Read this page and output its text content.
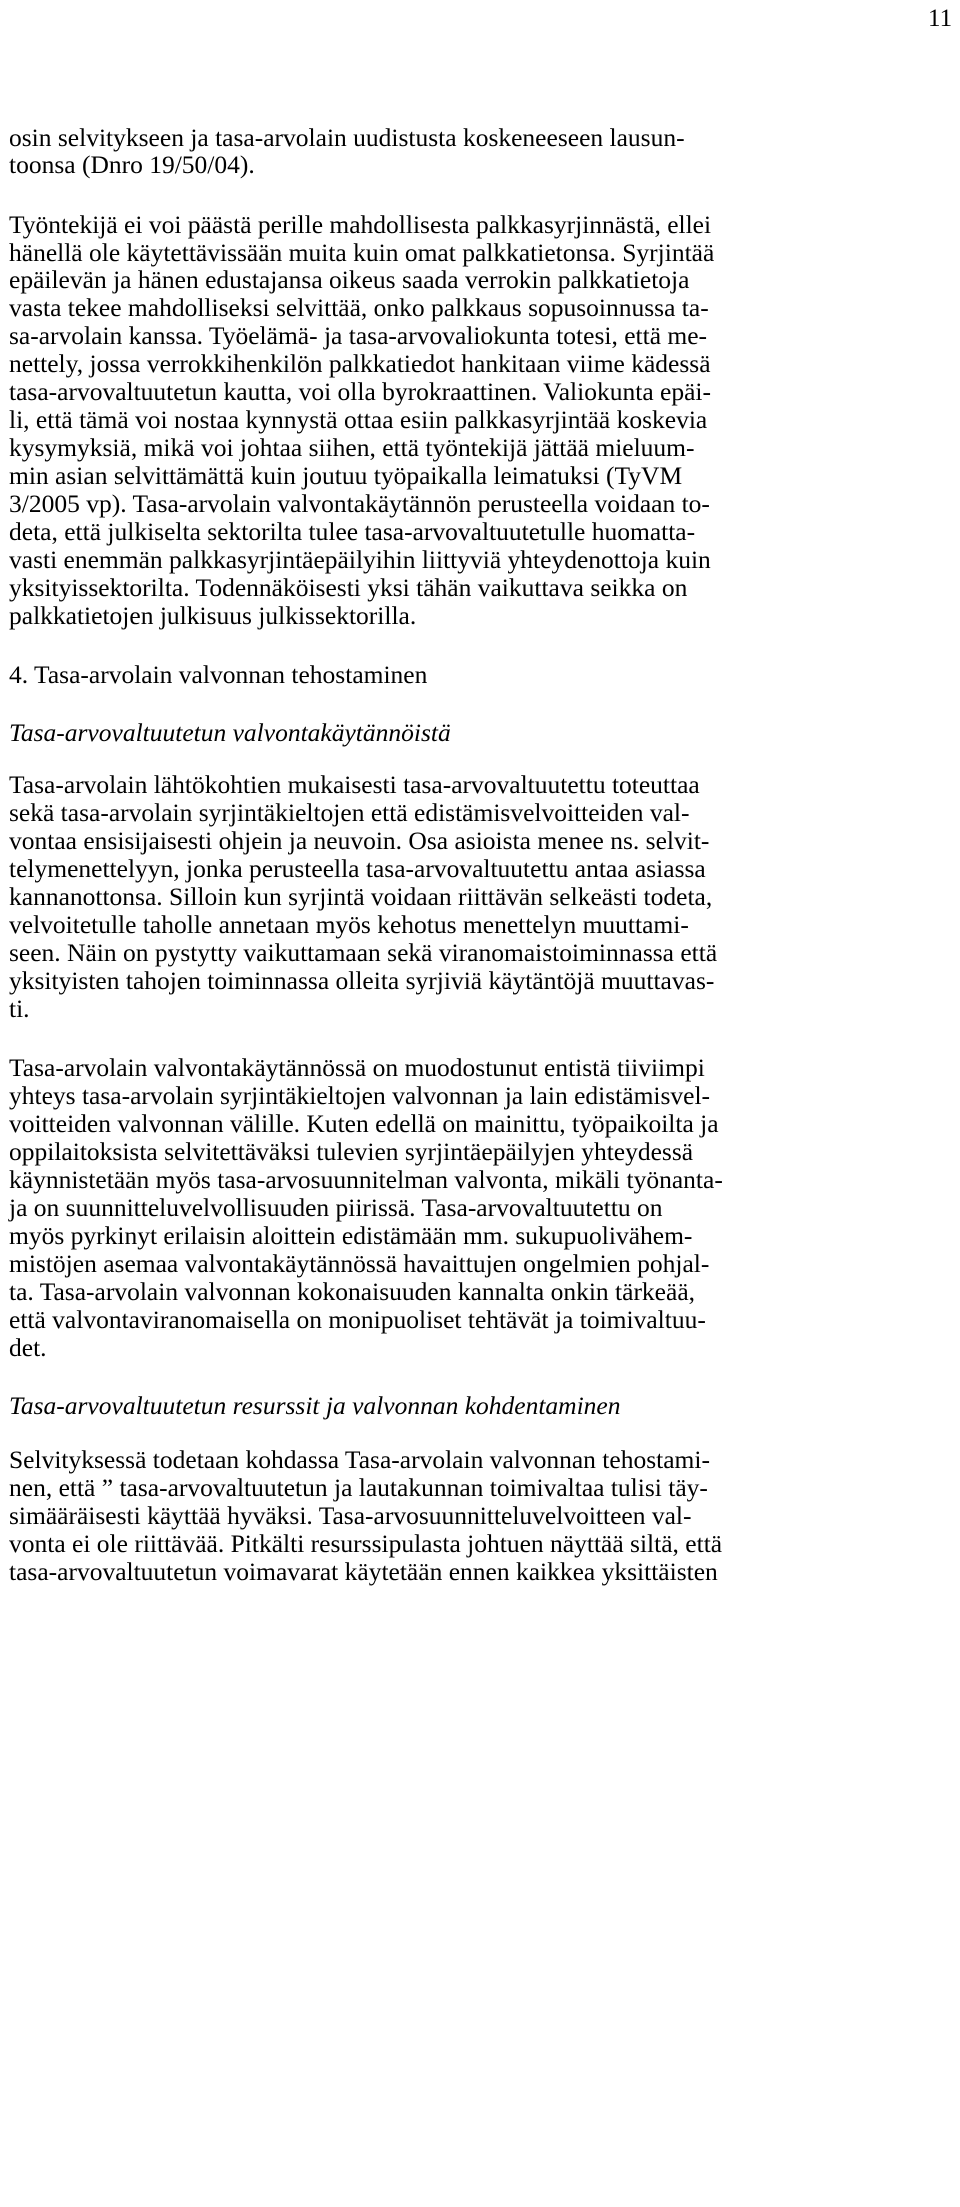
11
osin selvitykseen ja tasa-arvolain uudistusta koskeneeseen lausun-
toonsa (Dnro 19/50/04).
Työntekijä ei voi päästä perille mahdollisesta palkkasyrjinnästä, ellei
hänellä ole käytettävissään muita kuin omat palkkatietonsa. Syrjintää
epäilevän ja hänen edustajansa oikeus saada verrokin palkkatietoja
vasta tekee mahdolliseksi selvittää, onko palkkaus sopusoinnussa ta-
sa-arvolain kanssa. Työelämä- ja tasa-arvovaliokunta totesi, että me-
nettely, jossa verrokkihenkilön palkkatiedot hankitaan viime kädessä
tasa-arvovaltuutetun kautta, voi olla byrokraattinen. Valiokunta epäi-
li, että tämä voi nostaa kynnystä ottaa esiin palkkasyrjintää koskevia
kysymyksiä, mikä voi johtaa siihen, että työntekijä jättää mieluum-
min asian selvittämättä kuin joutuu työpaikalla leimatuksi (TyVM
3/2005 vp). Tasa-arvolain valvontakäytännön perusteella voidaan to-
deta, että julkiselta sektorilta tulee tasa-arvovaltuutetulle huomatta-
vasti enemmän palkkasyrjintäepäilyihin liittyviä yhteydenottoja kuin
yksityissektorilta. Todennäköisesti yksi tähän vaikuttava seikka on
palkkatietojen julkisuus julkissektorilla.
4. Tasa-arvolain valvonnan tehostaminen
Tasa-arvovaltuutetun valvontakäytännöistä
Tasa-arvolain lähtökohtien mukaisesti tasa-arvovaltuutettu toteuttaa
sekä tasa-arvolain syrjintäkieltojen että edistämisvelvoitteiden val-
vontaa ensisijaisesti ohjein ja neuvoin. Osa asioista menee ns. selvit-
telymenettelyyn, jonka perusteella tasa-arvovaltuutettu antaa asiassa
kannanottonsa. Silloin kun syrjintä voidaan riittävän selkeästi todeta,
velvoitetulle taholle annetaan myös kehotus menettelyn muuttami-
seen. Näin on pystytty vaikuttamaan sekä viranomaistoiminnassa että
yksityisten tahojen toiminnassa olleita syrjiviä käytäntöjä muuttavas-
ti.
Tasa-arvolain valvontakäytännössä on muodostunut entistä tiiviimpi
yhteys tasa-arvolain syrjintäkieltojen valvonnan ja lain edistämisvel-
voitteiden valvonnan välille. Kuten edellä on mainittu, työpaikoilta ja
oppilaitoksista selvitettäväksi tulevien syrjintäepäilyjen yhteydessä
käynnistetään myös tasa-arvosuunnitelman valvonta, mikäli työnanta-
ja on suunnitteluvelvollisuuden piirissä. Tasa-arvovaltuutettu on
myös pyrkinyt erilaisin aloittein edistämään mm. sukupuolivähem-
mistöjen asemaa valvontakäytännössä havaittujen ongelmien pohjal-
ta. Tasa-arvolain valvonnan kokonaisuuden kannalta onkin tärkeää,
että valvontaviranomaisella on monipuoliset tehtävät ja toimivaltuu-
det.
Tasa-arvovaltuutetun resurssit ja valvonnan kohdentaminen
Selvityksessä todetaan kohdassa Tasa-arvolain valvonnan tehostami-
nen, että ” tasa-arvovaltuutetun ja lautakunnan toimivaltaa tulisi täy-
simääräisesti käyttää hyväksi. Tasa-arvosuunnitteluvelvoitteen val-
vonta ei ole riittävää. Pitkälti resurssipulasta johtuen näyttää siltä, että
tasa-arvovaltuutetun voimavarat käytetään ennen kaikkea yksittäisten
